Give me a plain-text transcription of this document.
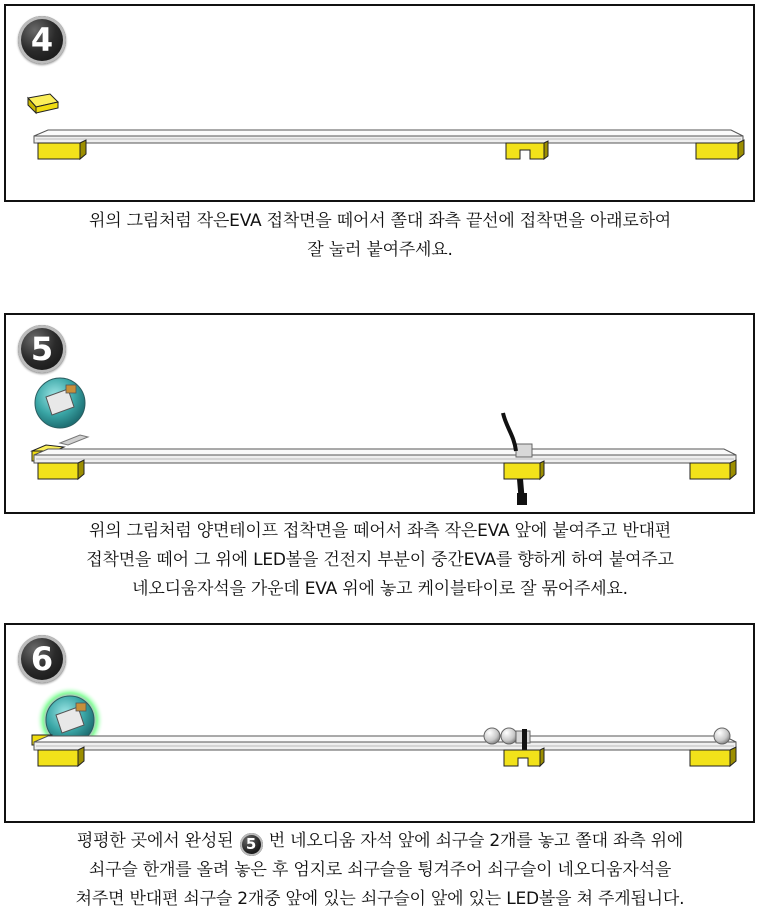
4

위의 그림처럼 작은EVA 접착면을 떼어서 쫄대 좌측 끝선에 접착면을 아래로하여

잘 눌러 붙여주세요.

5

위의 그림처럼 양면테이프 접착면을 떼어서 좌측 작은EVA 앞에 붙여주고 반대편

접착면을 떼어 그 위에 LED볼을 건전지 부분이 중간EVA를 향하게 하여 붙여주고

네오디움자석을 가운데 EVA 위에 놓고 케이블타이로 잘 묶어주세요.

6

평평한 곳에서 완성된 5 번 네오디움 자석 앞에 쇠구슬 2개를 놓고 쫄대 좌측 위에

쇠구슬 한개를 올려 놓은 후 엄지로 쇠구슬을 튕겨주어 쇠구슬이 네오디움자석을

쳐주면 반대편 쇠구슬 2개중 앞에 있는 쇠구슬이 앞에 있는 LED볼을 쳐 주게됩니다.
